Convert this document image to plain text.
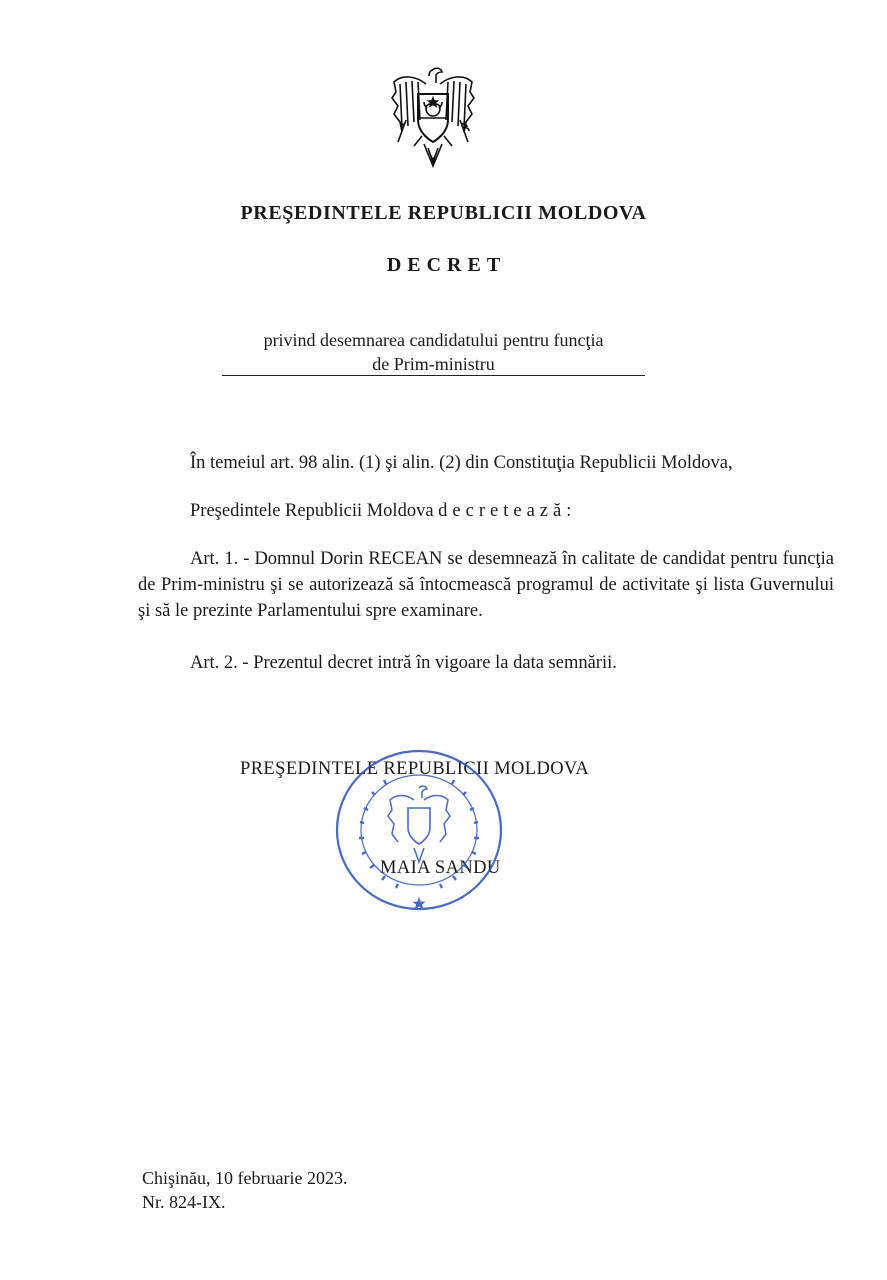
PREŞEDINTELE REPUBLICII MOLDOVA
DECRET
privind desemnarea candidatului pentru funcţia
de Prim-ministru
În temeiul art. 98 alin. (1) şi alin. (2) din Constituţia Republicii Moldova,
Preşedintele Republicii Moldova decretează:
Art. 1. - Domnul Dorin RECEAN se desemnează în calitate de candidat pentru funcţia de Prim-ministru şi se autorizează să întocmească programul de activitate şi lista Guvernului şi să le prezinte Parlamentului spre examinare.
Art. 2. - Prezentul decret intră în vigoare la data semnării.
PREŞEDINTELE REPUBLICII MOLDOVA
MAIA SANDU
Chişinău, 10 februarie 2023.
Nr. 824-IX.
